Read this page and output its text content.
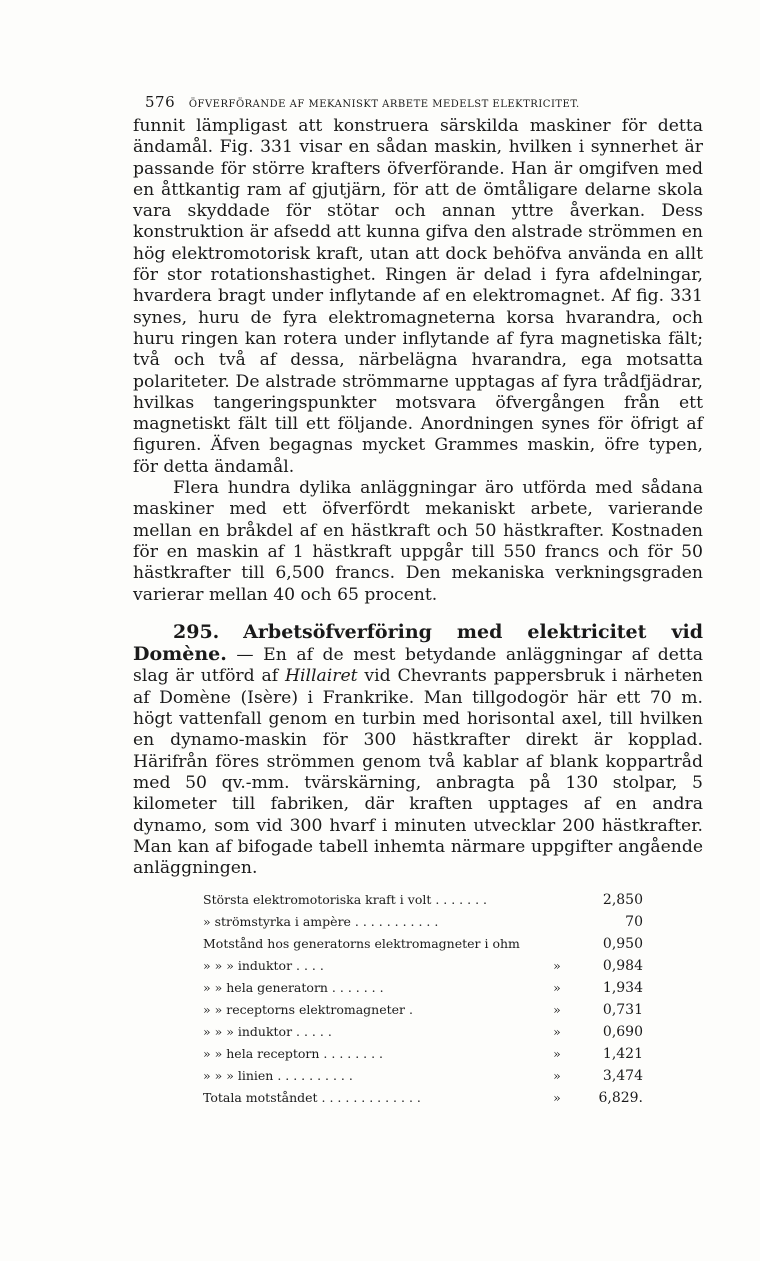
576 ÖFVERFÖRANDE AF MEKANISKT ARBETE MEDELST ELEKTRICITET.

funnit lämpligast att konstruera särskilda maskiner för detta ändamål. Fig. 331 visar en sådan maskin, hvilken i synnerhet är passande för större krafters öfverförande. Han är omgifven med en åttkantig ram af gjutjärn, för att de ömtåligare delarne skola vara skyddade för stötar och annan yttre åverkan. Dess konstruktion är afsedd att kunna gifva den alstrade strömmen en hög elektromotorisk kraft, utan att dock behöfva använda en allt för stor rotationshastighet. Ringen är delad i fyra afdelningar, hvardera bragt under inflytande af en elektromagnet. Af fig. 331 synes, huru de fyra elektromagneterna korsa hvarandra, och huru ringen kan rotera under inflytande af fyra magnetiska fält; två och två af dessa, närbelägna hvarandra, ega motsatta polariteter. De alstrade strömmarne upptagas af fyra trådfjädrar, hvilkas tangeringspunkter motsvara öfvergången från ett magnetiskt fält till ett följande. Anordningen synes för öfrigt af figuren. Äfven begagnas mycket Grammes maskin, öfre typen, för detta ändamål.

Flera hundra dylika anläggningar äro utförda med sådana maskiner med ett öfverfördt mekaniskt arbete, varierande mellan en bråkdel af en hästkraft och 50 hästkrafter. Kostnaden för en maskin af 1 hästkraft uppgår till 550 francs och för 50 hästkrafter till 6,500 francs. Den mekaniska verkningsgraden varierar mellan 40 och 65 procent.

295. Arbetsöfverföring med elektricitet vid Domène. — En af de mest betydande anläggningar af detta slag är utförd af Hillairet vid Chevrants pappersbruk i närheten af Domène (Isère) i Frankrike. Man tillgodogör här ett 70 m. högt vattenfall genom en turbin med horisontal axel, till hvilken en dynamo-maskin för 300 hästkrafter direkt är kopplad. Härifrån föres strömmen genom två kablar af blank koppartråd med 50 qv.-mm. tvärskärning, anbragta på 130 stolpar, 5 kilometer till fabriken, där kraften upptages af en andra dynamo, som vid 300 hvarf i minuten utvecklar 200 hästkrafter. Man kan af bifogade tabell inhemta närmare uppgifter angående anläggningen.

Största elektromotoriska kraft i volt . . . . . . .	2,850
» strömstyrka i ampère . . . . . . . . . . .	70
Motstånd hos generatorns elektromagneter i ohm	0,950
» » » induktor . . . .	»	0,984
» » hela generatorn . . . . . . .	»	1,934
» » receptorns elektromagneter .	»	0,731
» » » induktor . . . . .	»	0,690
» » hela receptorn . . . . . . . .	»	1,421
» » » linien . . . . . . . . . .	»	3,474
Totala motståndet . . . . . . . . . . . . .	»	6,829.
